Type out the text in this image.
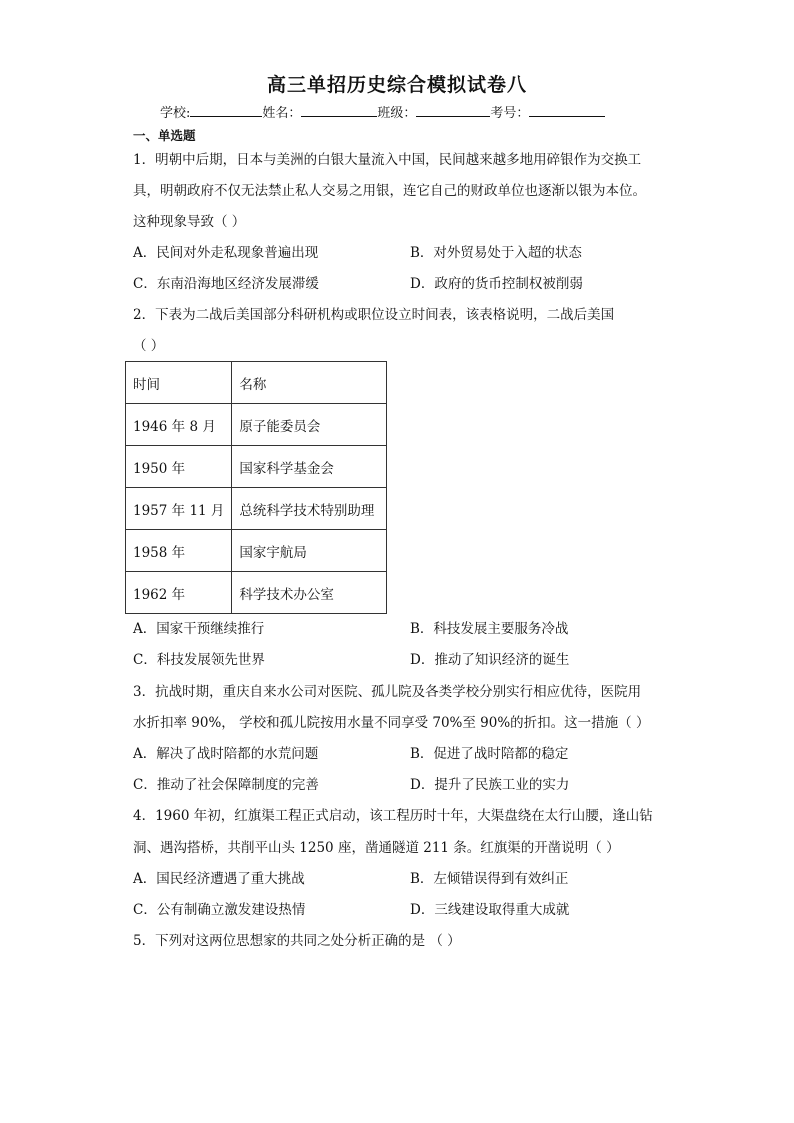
高三单招历史综合模拟试卷八
学校:	姓名：	班级：	考号：
一、单选题
1．明朝中后期，日本与美洲的白银大量流入中国，民间越来越多地用碎银作为交换工
具，明朝政府不仅无法禁止私人交易之用银，连它自己的财政单位也逐渐以银为本位。
这种现象导致（ ）
A．民间对外走私现象普遍出现	B．对外贸易处于入超的状态
C．东南沿海地区经济发展滞缓	D．政府的货币控制权被削弱
2．下表为二战后美国部分科研机构或职位设立时间表，该表格说明，二战后美国
（ ）
时间	名称
1946 年 8 月	原子能委员会
1950 年	国家科学基金会
1957 年 11 月	总统科学技术特别助理
1958 年	国家宇航局
1962 年	科学技术办公室
A．国家干预继续推行	B．科技发展主要服务冷战
C．科技发展领先世界	D．推动了知识经济的诞生
3．抗战时期，重庆自来水公司对医院、孤儿院及各类学校分别实行相应优待，医院用
水折扣率 90%， 学校和孤儿院按用水量不同享受 70%至 90%的折扣。这一措施（ ）
A．解决了战时陪都的水荒问题	B．促进了战时陪都的稳定
C．推动了社会保障制度的完善	D．提升了民族工业的实力
4．1960 年初，红旗渠工程正式启动，该工程历时十年，大渠盘绕在太行山腰，逢山钻
洞、遇沟搭桥，共削平山头 1250 座，凿通隧道 211 条。红旗渠的开凿说明（ ）
A．国民经济遭遇了重大挑战	B．左倾错误得到有效纠正
C．公有制确立激发建设热情	D．三线建设取得重大成就
5．下列对这两位思想家的共同之处分析正确的是 （ ）
